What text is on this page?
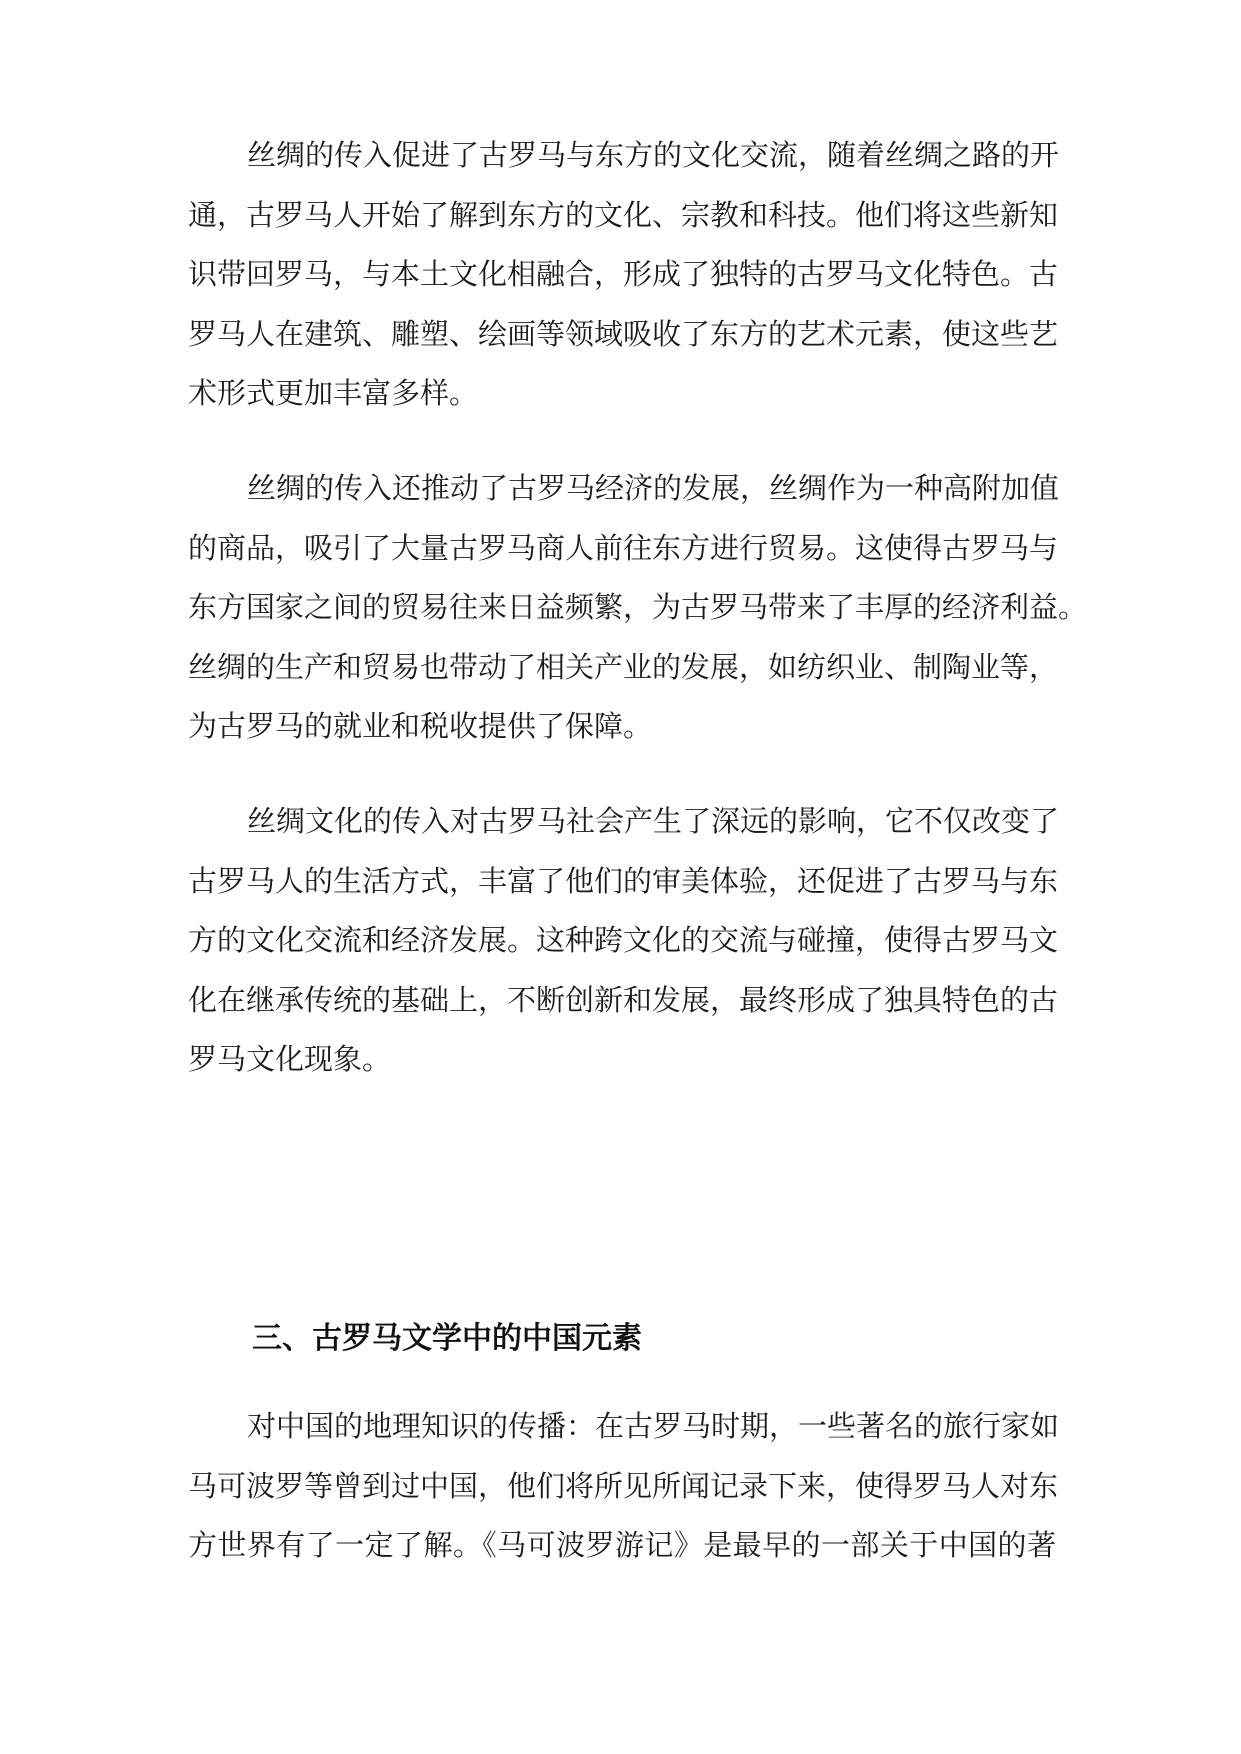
丝绸的传入促进了古罗马与东方的文化交流，随着丝绸之路的开
通，古罗马人开始了解到东方的文化、宗教和科技。他们将这些新知
识带回罗马，与本土文化相融合，形成了独特的古罗马文化特色。古
罗马人在建筑、雕塑、绘画等领域吸收了东方的艺术元素，使这些艺
术形式更加丰富多样。
丝绸的传入还推动了古罗马经济的发展，丝绸作为一种高附加值
的商品，吸引了大量古罗马商人前往东方进行贸易。这使得古罗马与
东方国家之间的贸易往来日益频繁，为古罗马带来了丰厚的经济利益。
丝绸的生产和贸易也带动了相关产业的发展，如纺织业、制陶业等，
为古罗马的就业和税收提供了保障。
丝绸文化的传入对古罗马社会产生了深远的影响，它不仅改变了
古罗马人的生活方式，丰富了他们的审美体验，还促进了古罗马与东
方的文化交流和经济发展。这种跨文化的交流与碰撞，使得古罗马文
化在继承传统的基础上，不断创新和发展，最终形成了独具特色的古
罗马文化现象。
三、古罗马文学中的中国元素
对中国的地理知识的传播：在古罗马时期，一些著名的旅行家如
马可波罗等曾到过中国，他们将所见所闻记录下来，使得罗马人对东
方世界有了一定了解。《马可波罗游记》是最早的一部关于中国的著
